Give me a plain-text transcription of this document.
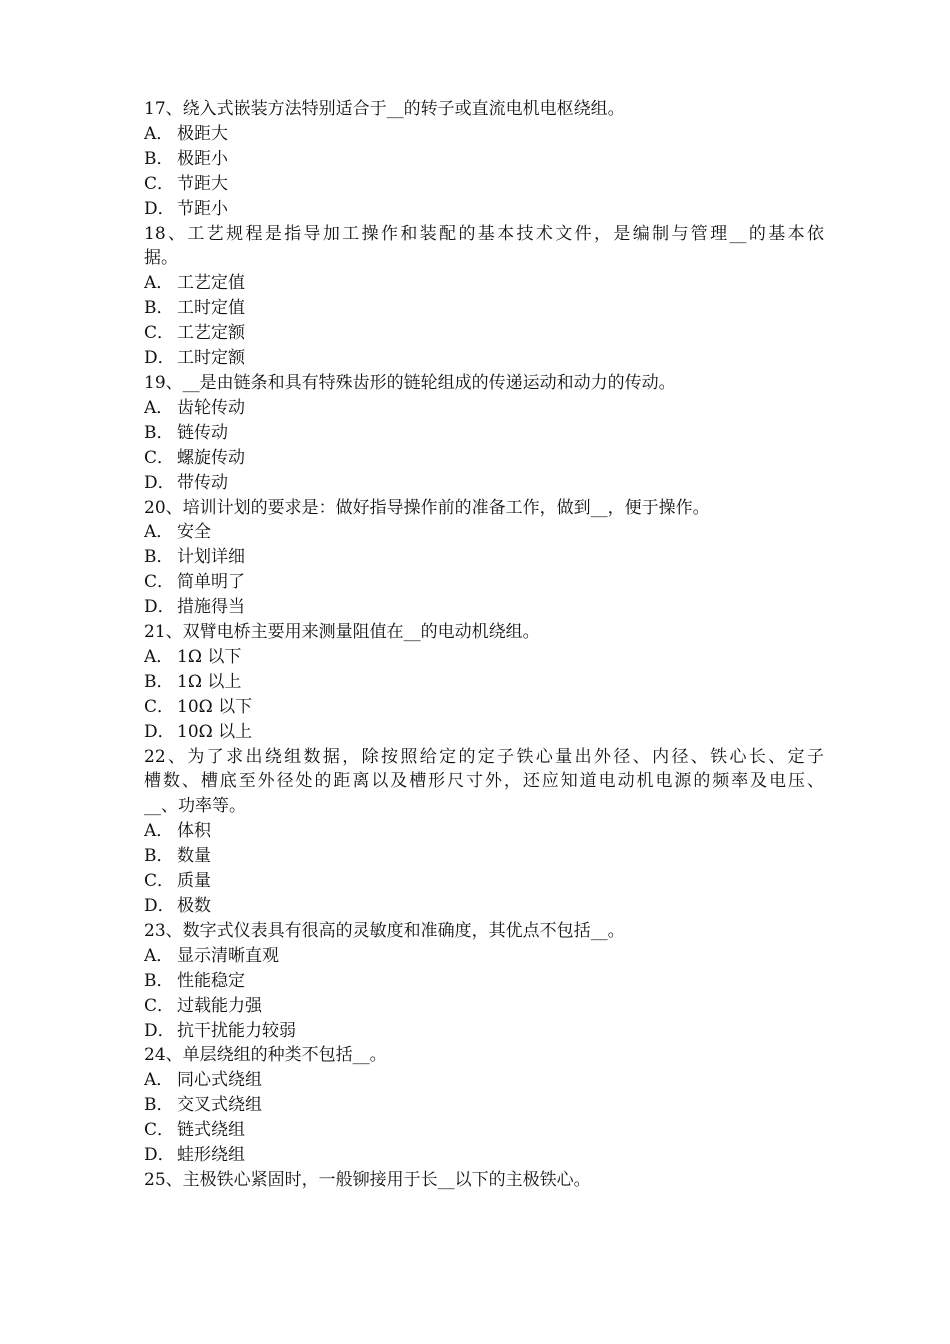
17、绕入式嵌装方法特别适合于__的转子或直流电机电枢绕组。
A． 极距大
B． 极距小
C． 节距大
D． 节距小
18、工艺规程是指导加工操作和装配的基本技术文件，是编制与管理__的基本依
据。
A． 工艺定值
B． 工时定值
C． 工艺定额
D． 工时定额
19、__是由链条和具有特殊齿形的链轮组成的传递运动和动力的传动。
A． 齿轮传动
B． 链传动
C． 螺旋传动
D． 带传动
20、培训计划的要求是：做好指导操作前的准备工作，做到__，便于操作。
A． 安全
B． 计划详细
C． 简单明了
D． 措施得当
21、双臂电桥主要用来测量阻值在__的电动机绕组。
A． 1Ω 以下
B． 1Ω 以上
C． 10Ω 以下
D． 10Ω 以上
22、为了求出绕组数据，除按照给定的定子铁心量出外径、内径、铁心长、定子
槽数、槽底至外径处的距离以及槽形尺寸外，还应知道电动机电源的频率及电压、
__、功率等。
A． 体积
B． 数量
C． 质量
D． 极数
23、数字式仪表具有很高的灵敏度和准确度，其优点不包括__。
A． 显示清晰直观
B． 性能稳定
C． 过载能力强
D． 抗干扰能力较弱
24、单层绕组的种类不包括__。
A． 同心式绕组
B． 交叉式绕组
C． 链式绕组
D． 蛙形绕组
25、主极铁心紧固时，一般铆接用于长__以下的主极铁心。
